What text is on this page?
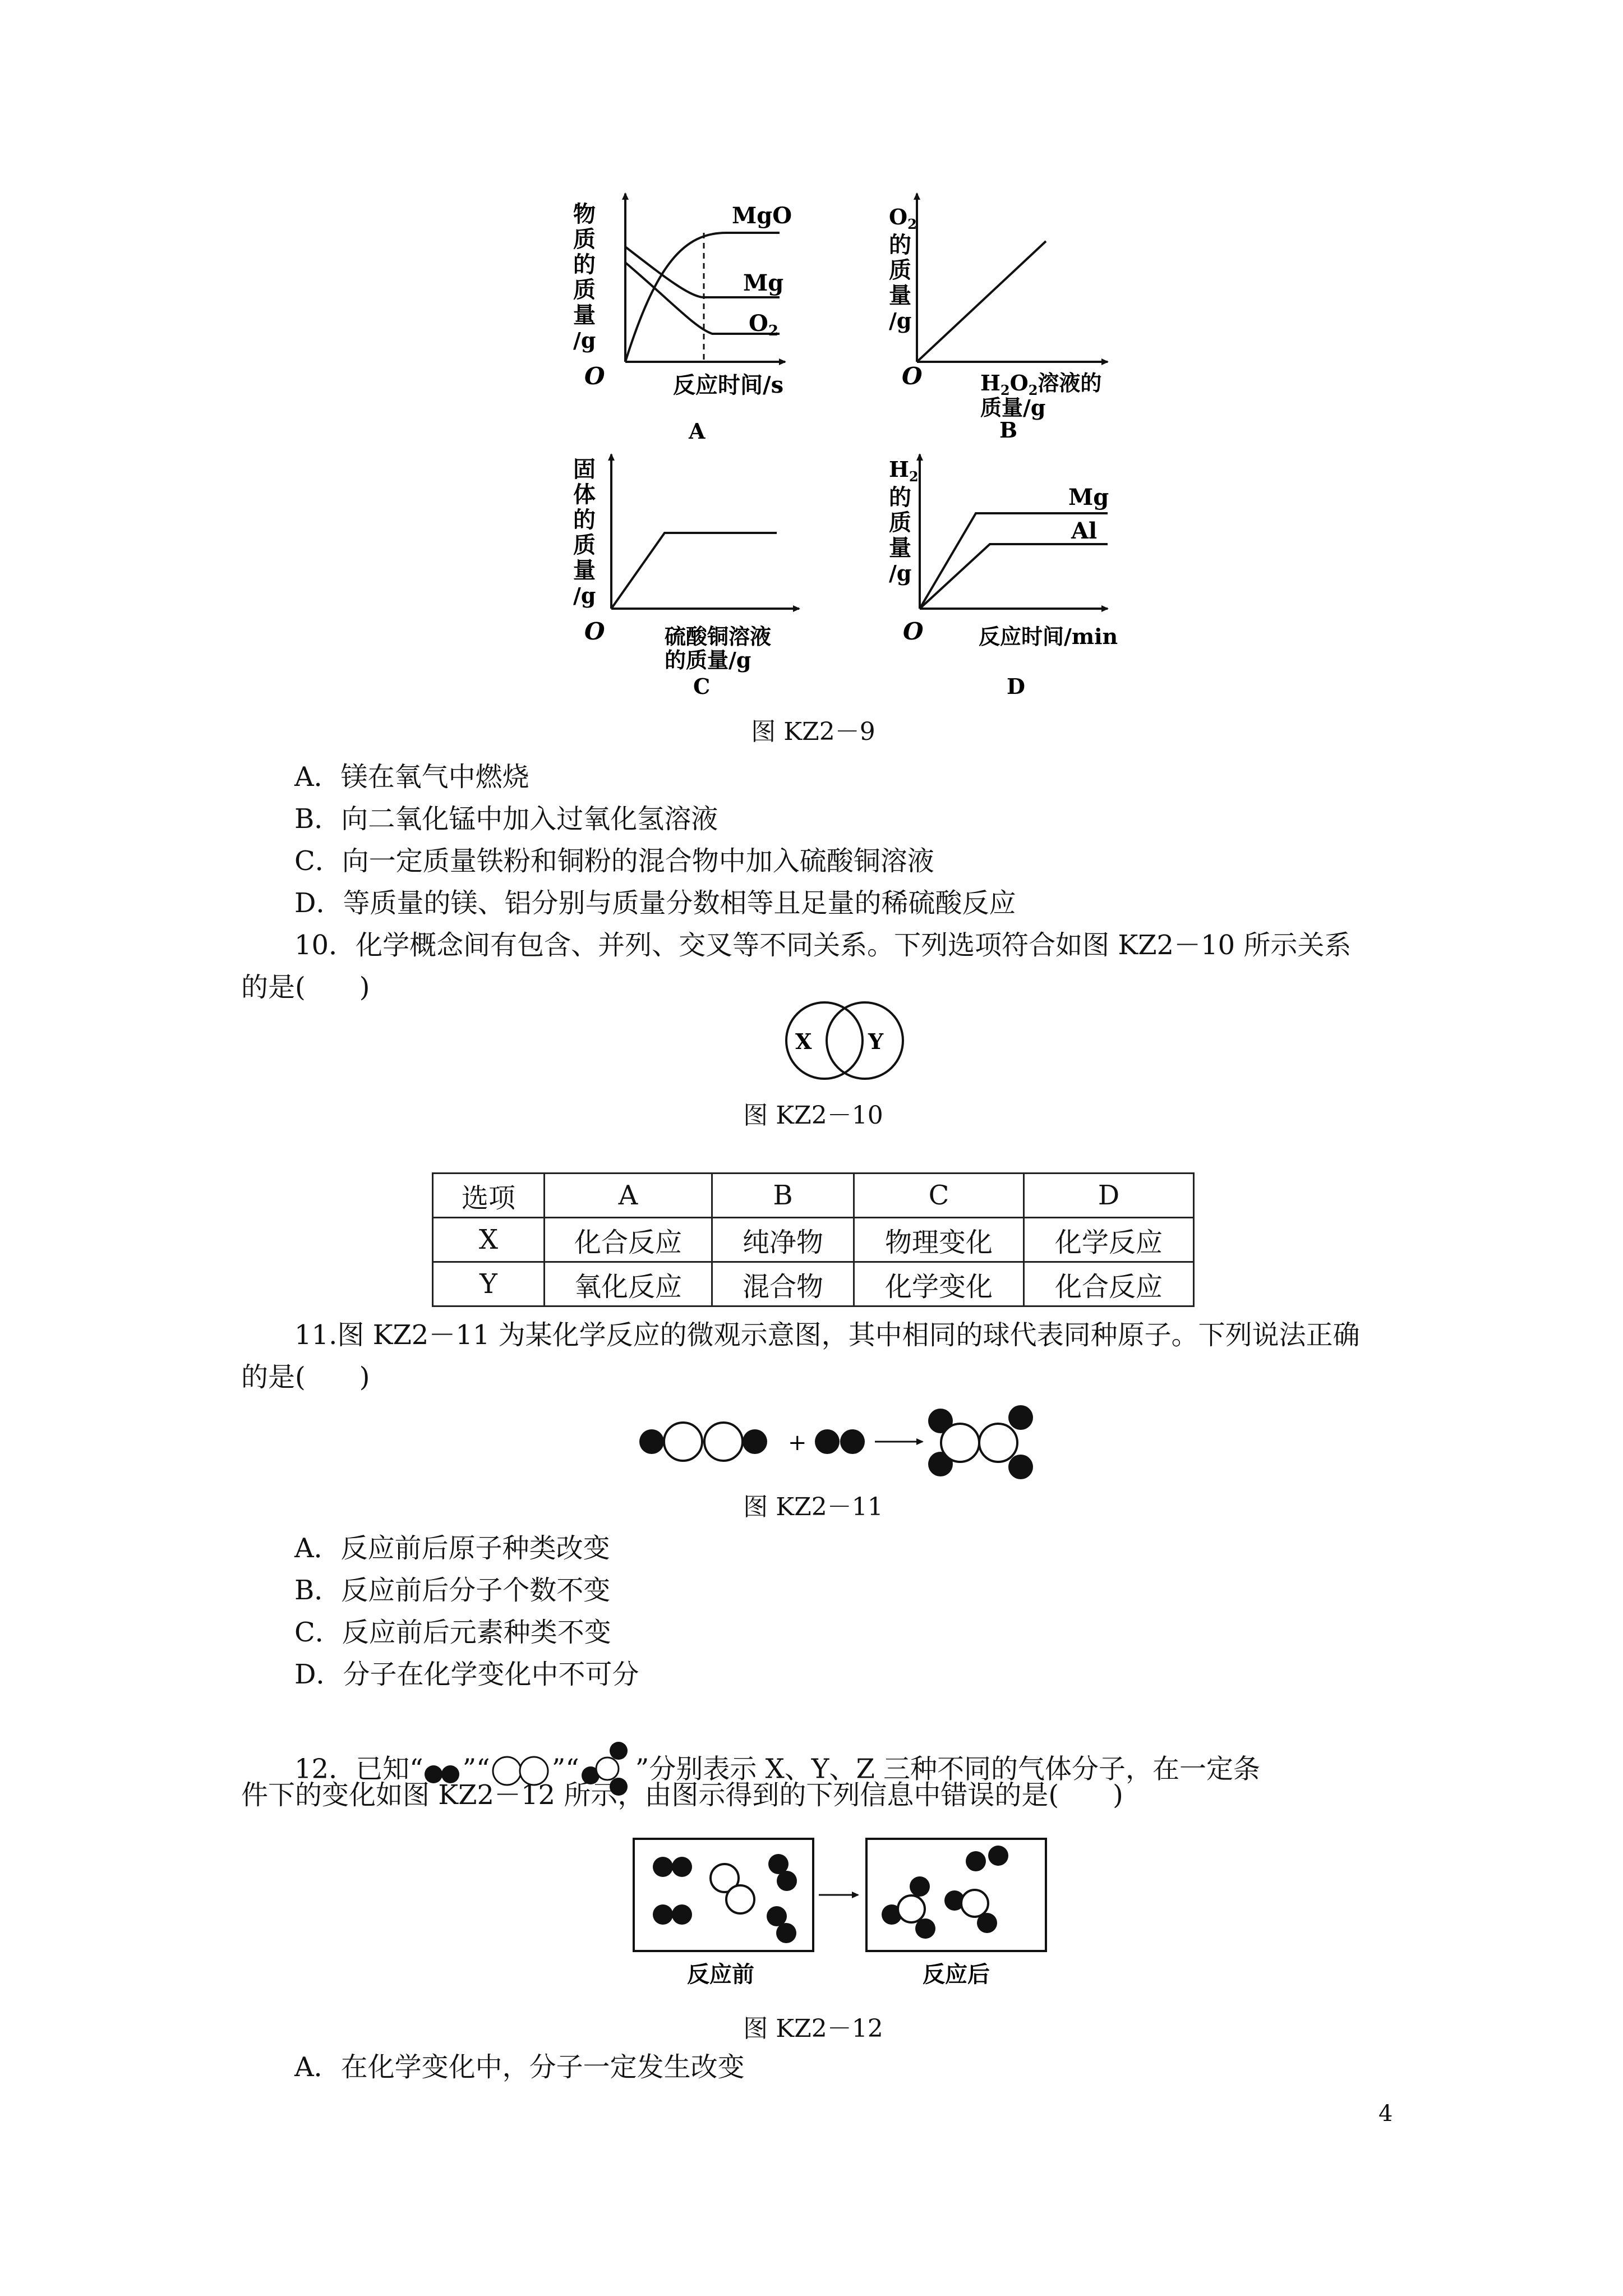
MgO
Mg
$O_2$
物
质
的
质
量
/g
O	反应时间/s
A
$O_2$
的
质
量
/g
O	$H_2O_2$溶液的
质量/g
B
固
体
的
质
量
/g
O	硫酸铜溶液
的质量/g
C
Mg
Al
$H_2$
的
质
量
/g
O	反应时间/min
D
图 KZ2－9
A．镁在氧气中燃烧
B．向二氧化锰中加入过氧化氢溶液
C．向一定质量铁粉和铜粉的混合物中加入硫酸铜溶液
D．等质量的镁、铝分别与质量分数相等且足量的稀硫酸反应
10．化学概念间有包含、并列、交叉等不同关系。下列选项符合如图 KZ2－10 所示关系
的是(　　)
X	Y
图 KZ2－10
选项	A	B	C	D
X	化合反应	纯净物	物理变化	化学反应
Y	氧化反应	混合物	化学变化	化合反应
11.图 KZ2－11 为某化学反应的微观示意图，其中相同的球代表同种原子。下列说法正确
的是(　　)
+
图 KZ2－11
A．反应前后原子种类改变
B．反应前后分子个数不变
C．反应前后元素种类不变
D．分子在化学变化中不可分
12．已知“ ”“ ”“ ”分别表示 X、Y、Z 三种不同的气体分子，在一定条
件下的变化如图 KZ2－12 所示，由图示得到的下列信息中错误的是(　　)
反应前	反应后
图 KZ2－12
A．在化学变化中，分子一定发生改变
4
